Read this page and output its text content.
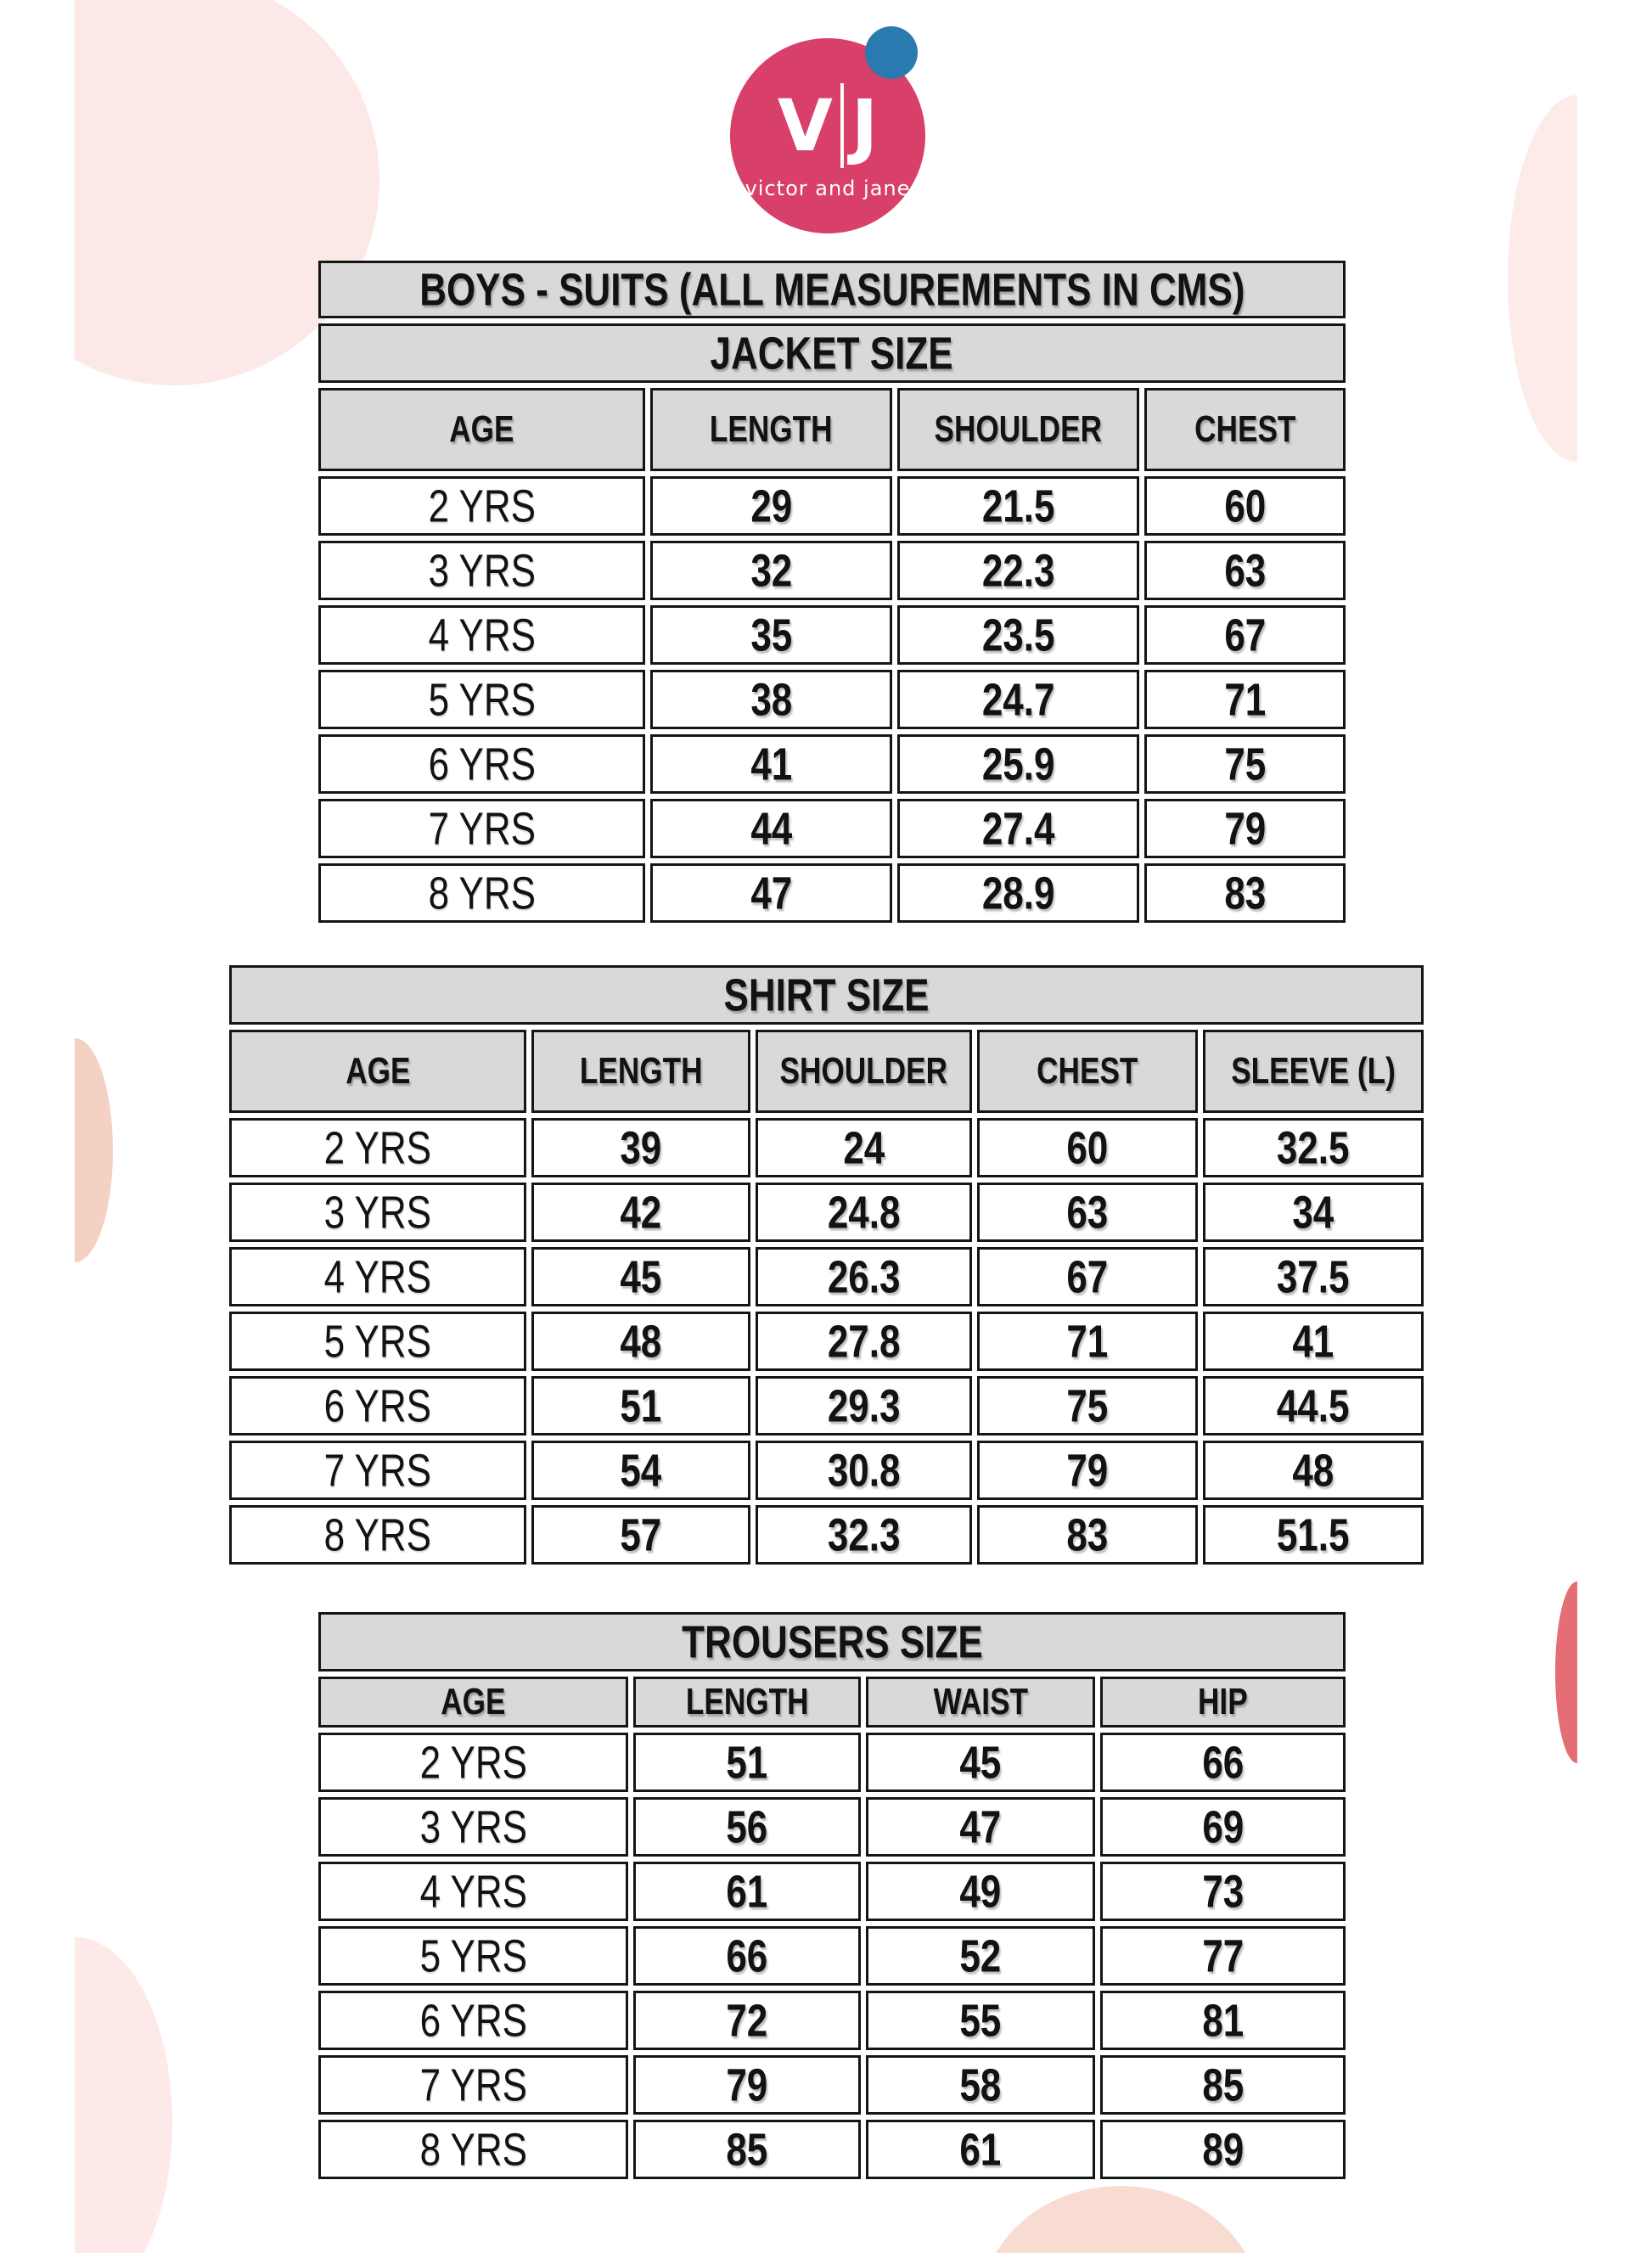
V J
victor and jane
BOYS - SUITS (ALL MEASUREMENTS IN CMS)			
JACKET SIZE			
AGE	LENGTH	SHOULDER	CHEST
2 YRS	29	21.5	60
3 YRS	32	22.3	63
4 YRS	35	23.5	67
5 YRS	38	24.7	71
6 YRS	41	25.9	75
7 YRS	44	27.4	79
8 YRS	47	28.9	83
SHIRT SIZE				
AGE	LENGTH	SHOULDER	CHEST	SLEEVE (L)
2 YRS	39	24	60	32.5
3 YRS	42	24.8	63	34
4 YRS	45	26.3	67	37.5
5 YRS	48	27.8	71	41
6 YRS	51	29.3	75	44.5
7 YRS	54	30.8	79	48
8 YRS	57	32.3	83	51.5
TROUSERS SIZE			
AGE	LENGTH	WAIST	HIP
2 YRS	51	45	66
3 YRS	56	47	69
4 YRS	61	49	73
5 YRS	66	52	77
6 YRS	72	55	81
7 YRS	79	58	85
8 YRS	85	61	89
